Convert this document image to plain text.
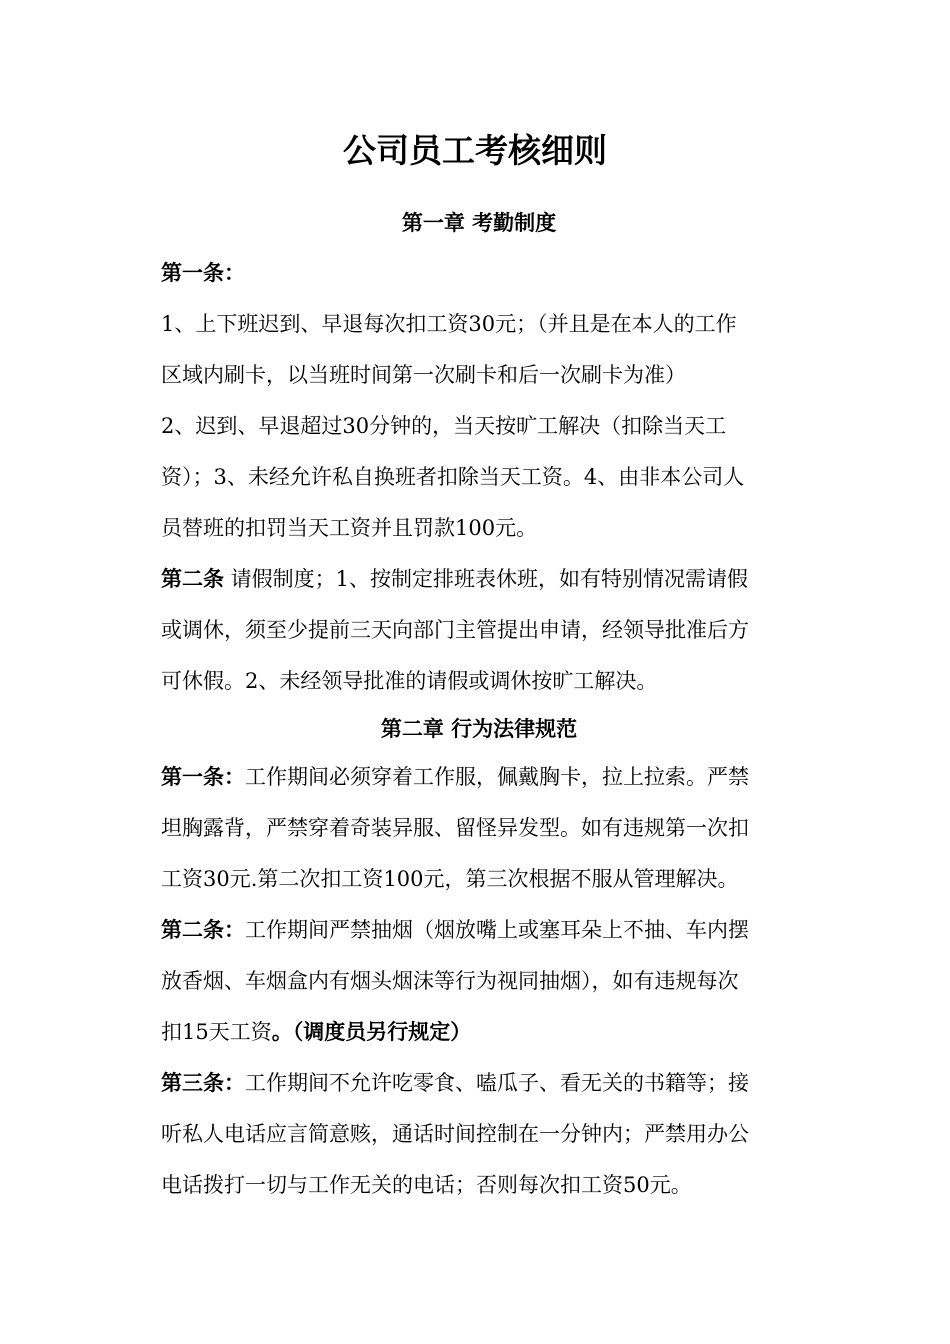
公司员工考核细则
第一章 考勤制度
第一条：
1、上下班迟到、早退每次扣工资30元；（并且是在本人的工作
区域内刷卡，以当班时间第一次刷卡和后一次刷卡为准）
2、迟到、早退超过30分钟的，当天按旷工解决（扣除当天工
资）；3、未经允许私自换班者扣除当天工资。4、由非本公司人
员替班的扣罚当天工资并且罚款100元。
第二条 请假制度；1、按制定排班表休班，如有特别情况需请假
或调休，须至少提前三天向部门主管提出申请，经领导批准后方
可休假。2、未经领导批准的请假或调休按旷工解决。
第二章 行为法律规范
第一条：工作期间必须穿着工作服，佩戴胸卡，拉上拉索。严禁
坦胸露背，严禁穿着奇装异服、留怪异发型。如有违规第一次扣
工资30元.第二次扣工资100元，第三次根据不服从管理解决。
第二条：工作期间严禁抽烟（烟放嘴上或塞耳朵上不抽、车内摆
放香烟、车烟盒内有烟头烟沫等行为视同抽烟），如有违规每次
扣15天工资。（调度员另行规定）
第三条：工作期间不允许吃零食、嗑瓜子、看无关的书籍等；接
听私人电话应言简意赅，通话时间控制在一分钟内；严禁用办公
电话拨打一切与工作无关的电话；否则每次扣工资50元。
